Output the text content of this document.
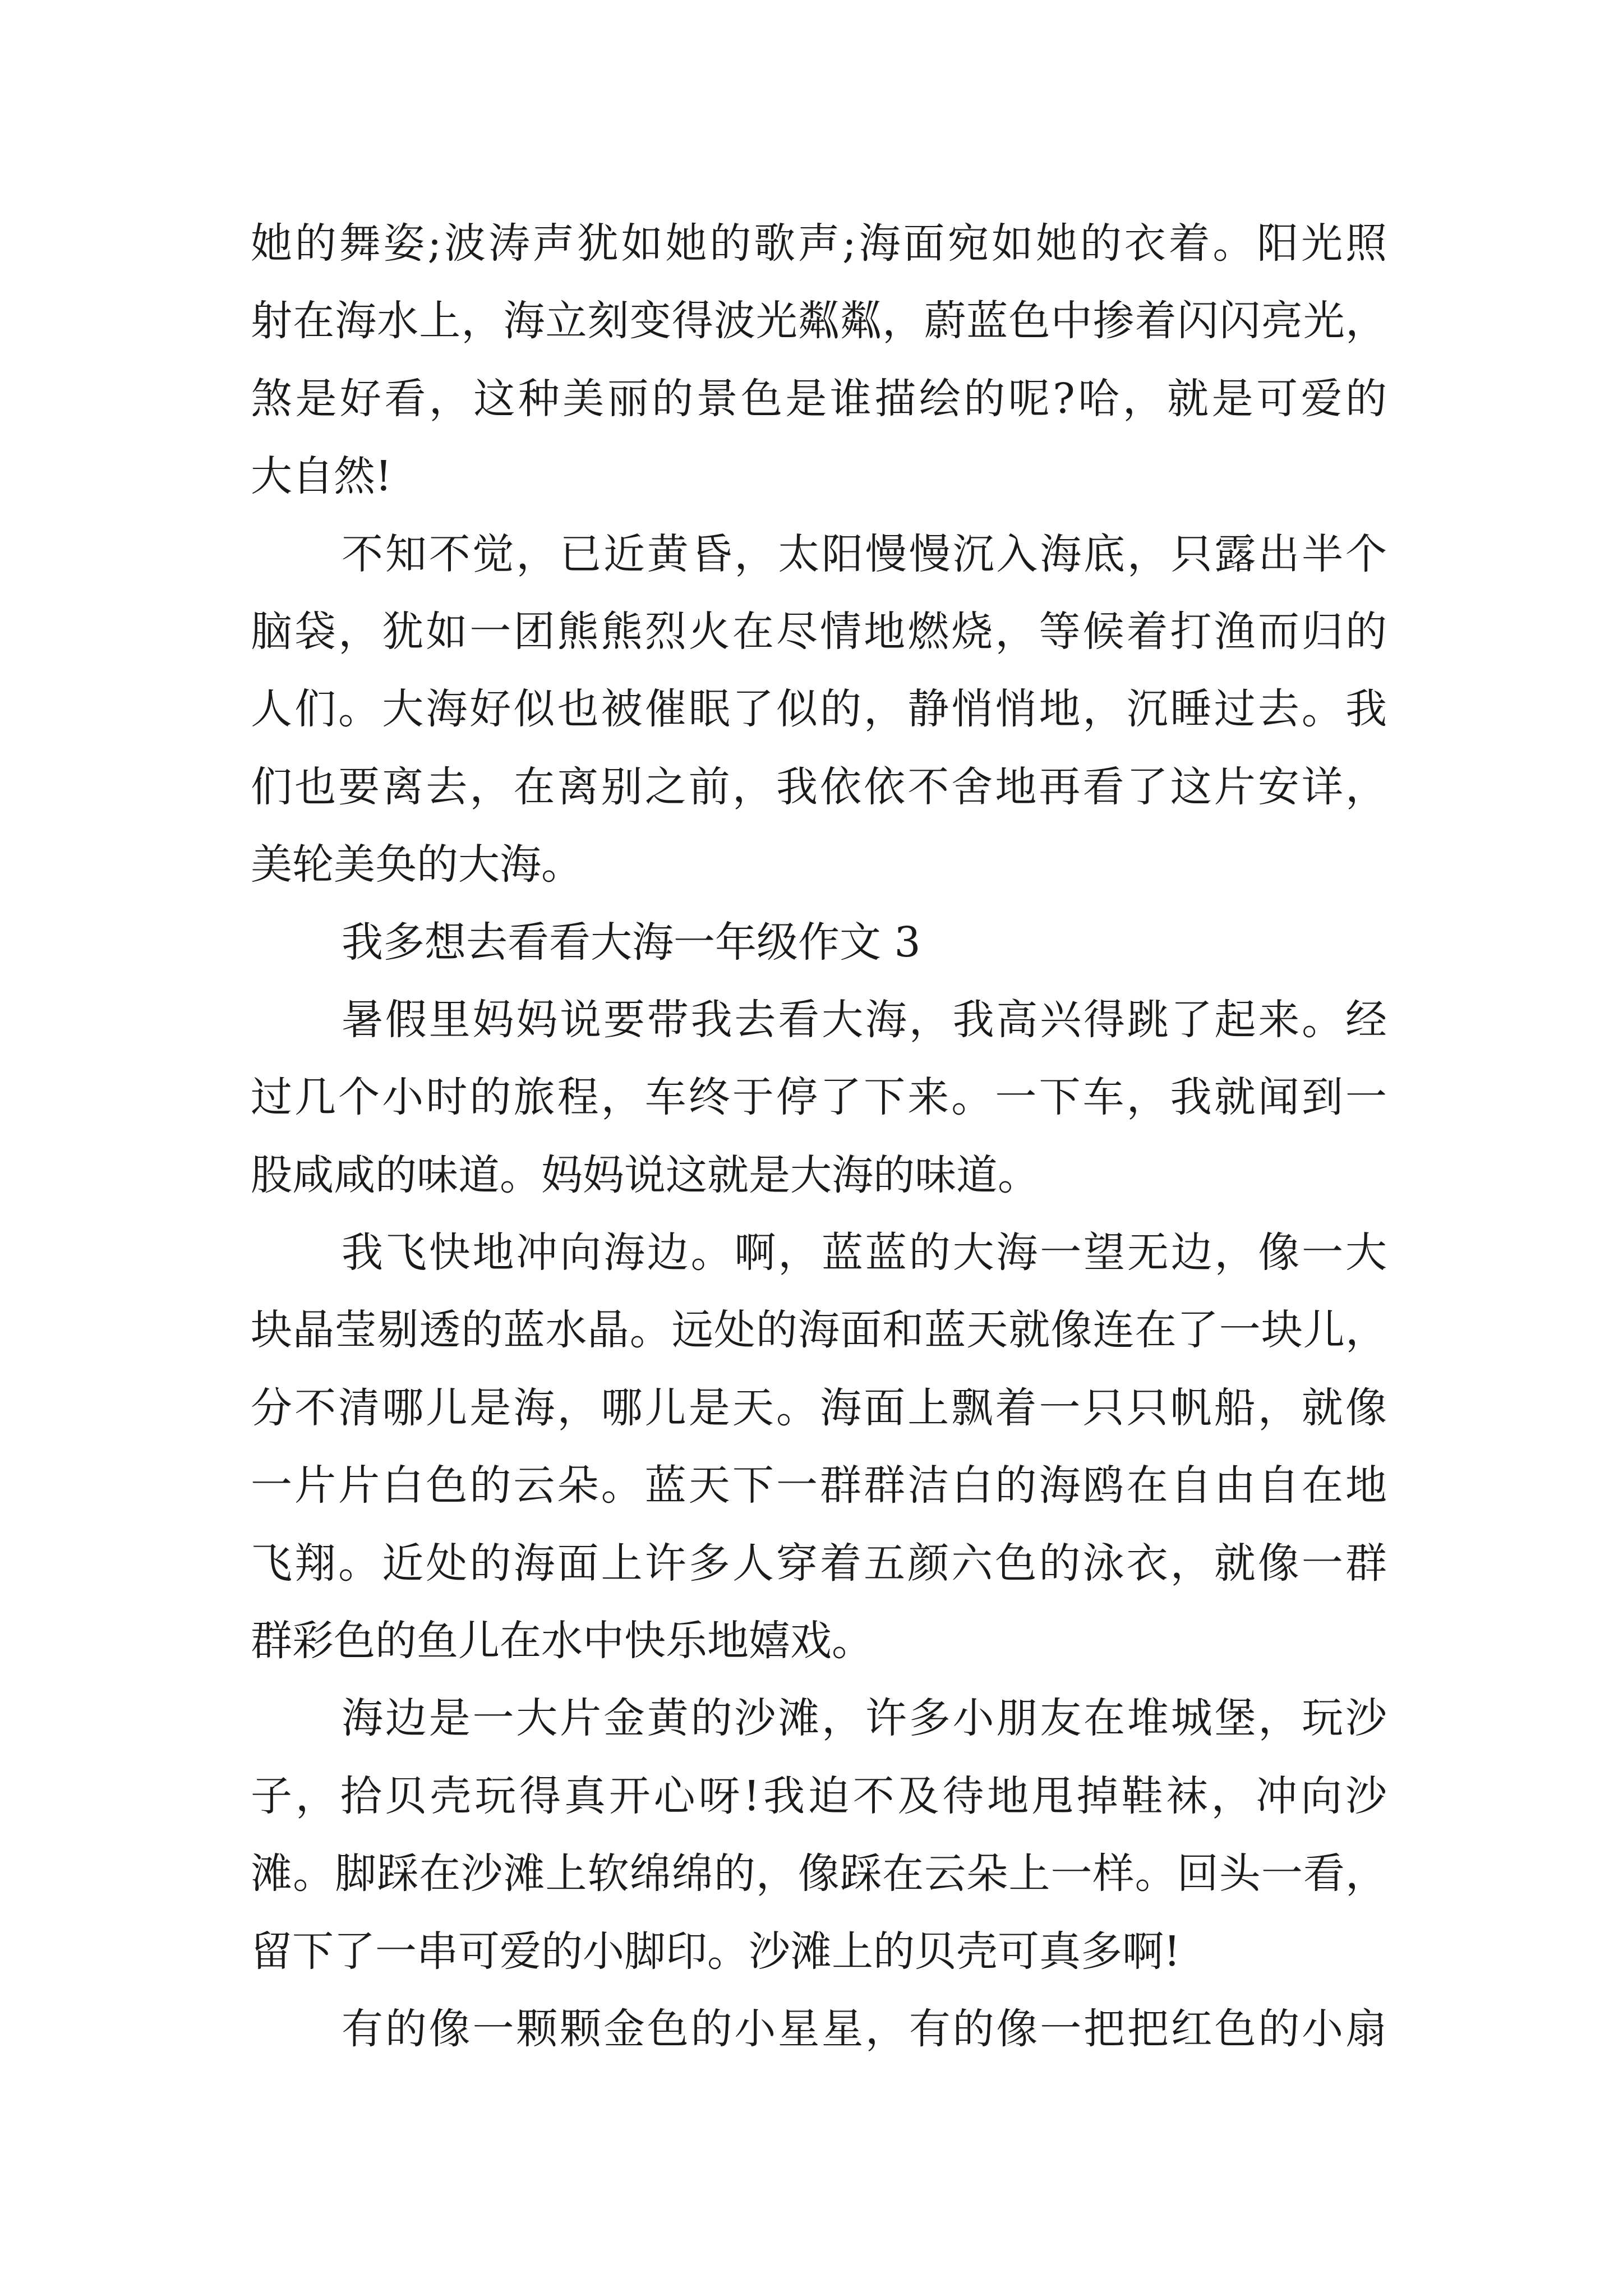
她的舞姿;波涛声犹如她的歌声;海面宛如她的衣着。阳光照
射在海水上，海立刻变得波光粼粼，蔚蓝色中掺着闪闪亮光，
煞是好看，这种美丽的景色是谁描绘的呢?哈，就是可爱的
大自然!
不知不觉，已近黄昏，太阳慢慢沉入海底，只露出半个
脑袋，犹如一团熊熊烈火在尽情地燃烧，等候着打渔而归的
人们。大海好似也被催眠了似的，静悄悄地，沉睡过去。我
们也要离去，在离别之前，我依依不舍地再看了这片安详，
美轮美奂的大海。
我多想去看看大海一年级作文 3
暑假里妈妈说要带我去看大海，我高兴得跳了起来。经
过几个小时的旅程，车终于停了下来。一下车，我就闻到一
股咸咸的味道。妈妈说这就是大海的味道。
我飞快地冲向海边。啊，蓝蓝的大海一望无边，像一大
块晶莹剔透的蓝水晶。远处的海面和蓝天就像连在了一块儿，
分不清哪儿是海，哪儿是天。海面上飘着一只只帆船，就像
一片片白色的云朵。蓝天下一群群洁白的海鸥在自由自在地
飞翔。近处的海面上许多人穿着五颜六色的泳衣，就像一群
群彩色的鱼儿在水中快乐地嬉戏。
海边是一大片金黄的沙滩，许多小朋友在堆城堡，玩沙
子，拾贝壳玩得真开心呀!我迫不及待地甩掉鞋袜，冲向沙
滩。脚踩在沙滩上软绵绵的，像踩在云朵上一样。回头一看，
留下了一串可爱的小脚印。沙滩上的贝壳可真多啊!
有的像一颗颗金色的小星星，有的像一把把红色的小扇
